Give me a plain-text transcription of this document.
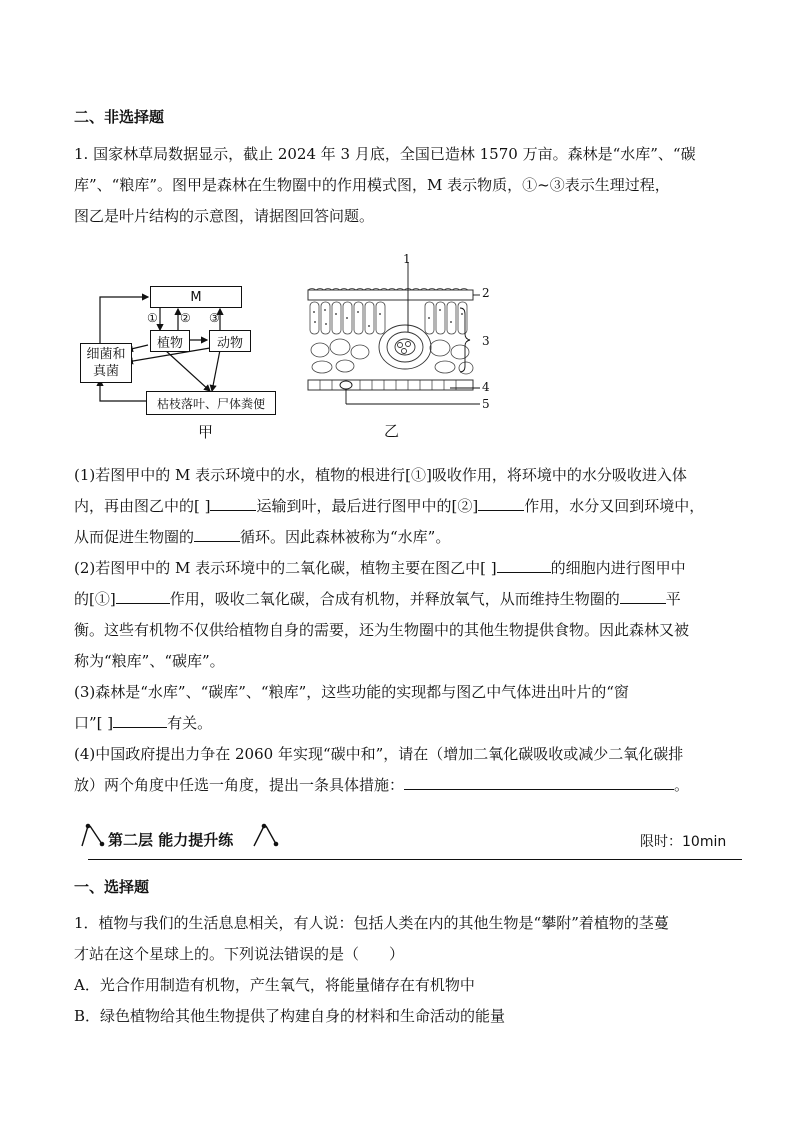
二、非选择题
1. 国家林草局数据显示，截止 2024 年 3 月底，全国已造林 1570 万亩。森林是“水库”、“碳
库”、“粮库”。图甲是森林在生物圈中的作用模式图，M 表示物质，①~③表示生理过程，
图乙是叶片结构的示意图，请据图回答问题。
M
植物	动物
细菌和真菌
枯枝落叶、尸体粪便
① ② ③
甲
1
2
3
4
5
乙
(1)若图甲中的 M 表示环境中的水，植物的根进行[①]吸收作用，将环境中的水分吸收进入体
内，再由图乙中的[ ]	运输到叶，最后进行图甲中的[②]	作用，水分又回到环境中，
从而促进生物圈的	循环。因此森林被称为“水库”。
(2)若图甲中的 M 表示环境中的二氧化碳，植物主要在图乙中[ ]	的细胞内进行图甲中
的[①]	作用，吸收二氧化碳，合成有机物，并释放氧气，从而维持生物圈的	平
衡。这些有机物不仅供给植物自身的需要，还为生物圈中的其他生物提供食物。因此森林又被
称为“粮库”、“碳库”。
(3)森林是“水库”、“碳库”、“粮库”，这些功能的实现都与图乙中气体进出叶片的“窗
口”[ ]	有关。
(4)中国政府提出力争在 2060 年实现“碳中和”，请在（增加二氧化碳吸收或减少二氧化碳排
放）两个角度中任选一角度，提出一条具体措施：	。
第二层 能力提升练	限时：10min
一、选择题
1．植物与我们的生活息息相关，有人说：包括人类在内的其他生物是“攀附”着植物的茎蔓
才站在这个星球上的。下列说法错误的是（　　）
A．光合作用制造有机物，产生氧气，将能量储存在有机物中
B．绿色植物给其他生物提供了构建自身的材料和生命活动的能量
